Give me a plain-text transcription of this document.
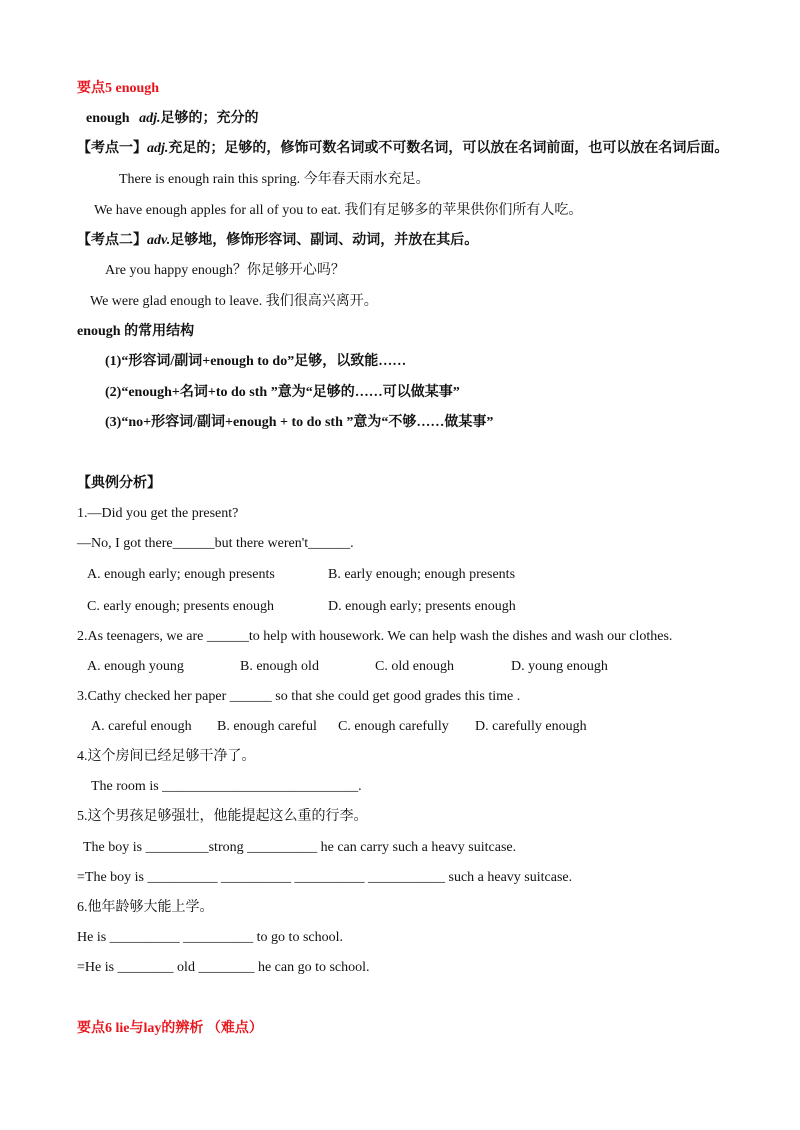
要点5 enough
enough adj.足够的；充分的
【考点一】adj.充足的；足够的，修饰可数名词或不可数名词，可以放在名词前面，也可以放在名词后面。
There is enough rain this spring. 今年春天雨水充足。
We have enough apples for all of you to eat. 我们有足够多的苹果供你们所有人吃。
【考点二】adv.足够地，修饰形容词、副词、动词，并放在其后。
Are you happy enough？你足够开心吗？
We were glad enough to leave. 我们很高兴离开。
enough 的常用结构
(1)“形容词/副词+enough to do”足够，以致能……
(2)“enough+名词+to do sth ”意为“足够的……可以做某事”
(3)“no+形容词/副词+enough + to do sth ”意为“不够……做某事”
【典例分析】
1.—Did you get the present?
—No, I got there______but there weren't______.
A. enough early; enough presents	B. early enough; enough presents
C. early enough; presents enough	D. enough early; presents enough
2.As teenagers, we are ______to help with housework. We can help wash the dishes and wash our clothes.
A. enough young	B. enough old	C. old enough	D. young enough
3.Cathy checked her paper ______ so that she could get good grades this time .
A. careful enough B. enough careful C. enough carefully D. carefully enough
4.这个房间已经足够干净了。
The room is ____________________________.
5.这个男孩足够强壮，他能提起这么重的行李。
The boy is _________strong __________ he can carry such a heavy suitcase.
=The boy is __________ __________ __________ ___________ such a heavy suitcase.
6.他年龄够大能上学。
He is __________ __________ to go to school.
=He is ________ old ________ he can go to school.
要点6 lie与lay的辨析 （难点）
